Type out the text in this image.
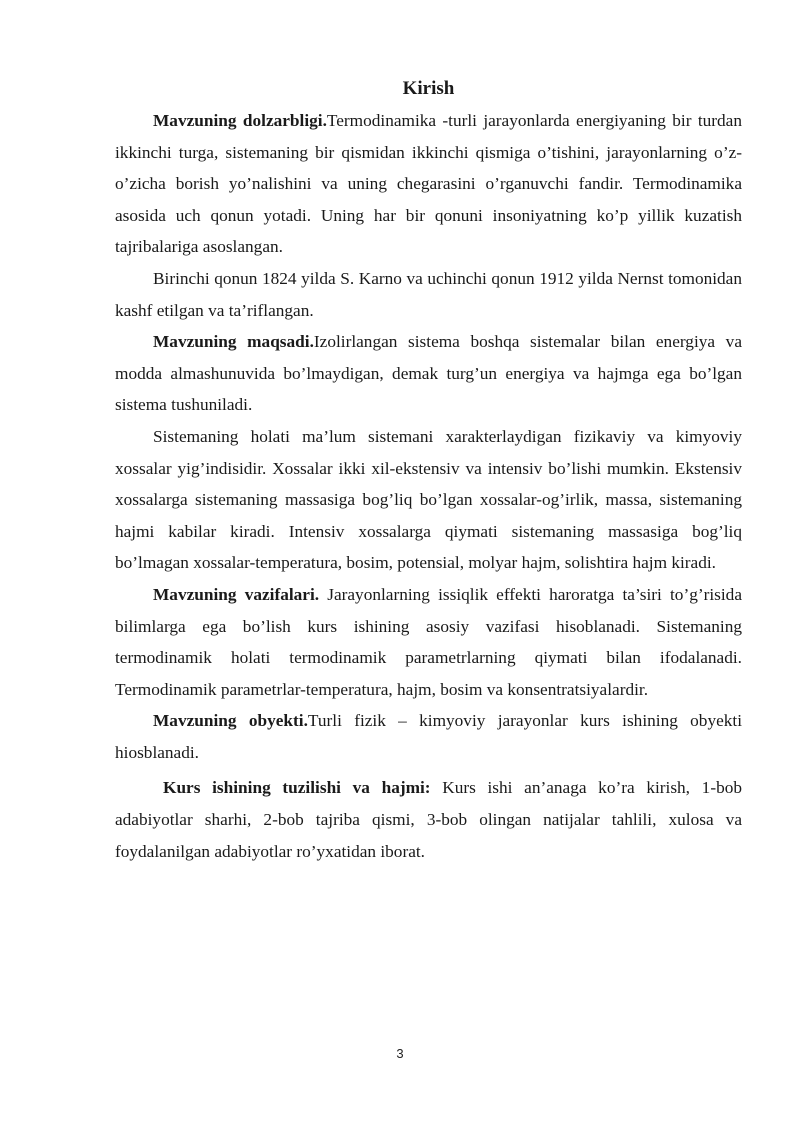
Kirish

Mavzuning dolzarbligi.Termodinamika -turli jarayonlarda energiyaning bir turdan ikkinchi turga, sistemaning bir qismidan ikkinchi qismiga o’tishini, jarayonlarning o’z-o’zicha borish yo’nalishini va uning chegarasini o’rganuvchi fandir. Termodinamika asosida uch qonun yotadi. Uning har bir qonuni insoniyatning ko’p yillik kuzatish tajribalariga asoslangan.

Birinchi qonun 1824 yilda S. Karno va uchinchi qonun 1912 yilda Nernst tomonidan kashf etilgan va ta’riflangan.

Mavzuning maqsadi.Izolirlangan sistema boshqa sistemalar bilan energiya va modda almashunuvida bo’lmaydigan, demak turg’un energiya va hajmga ega bo’lgan sistema tushuniladi.

Sistemaning holati ma’lum sistemani xarakterlaydigan fizikaviy va kimyoviy xossalar yig’indisidir. Xossalar ikki xil-ekstensiv va intensiv bo’lishi mumkin. Ekstensiv xossalarga sistemaning massasiga bog’liq bo’lgan xossalar-og’irlik, massa, sistemaning hajmi kabilar kiradi. Intensiv xossalarga qiymati sistemaning massasiga bog’liq bo’lmagan xossalar-temperatura, bosim, potensial, molyar hajm, solishtira hajm kiradi.

Mavzuning vazifalari. Jarayonlarning issiqlik effekti haroratga ta’siri to’g’risida bilimlarga ega bo’lish kurs ishining asosiy vazifasi hisoblanadi. Sistemaning termodinamik holati termodinamik parametrlarning qiymati bilan ifodalanadi. Termodinamik parametrlar-temperatura, hajm, bosim va konsentratsiyalardir.

Mavzuning obyekti.Turli fizik – kimyoviy jarayonlar kurs ishining obyekti hiosblanadi.

Kurs ishining tuzilishi va hajmi: Kurs ishi an’anaga ko’ra kirish, 1-bob adabiyotlar sharhi, 2-bob tajriba qismi, 3-bob olingan natijalar tahlili, xulosa va foydalanilgan adabiyotlar ro’yxatidan iborat.

3
